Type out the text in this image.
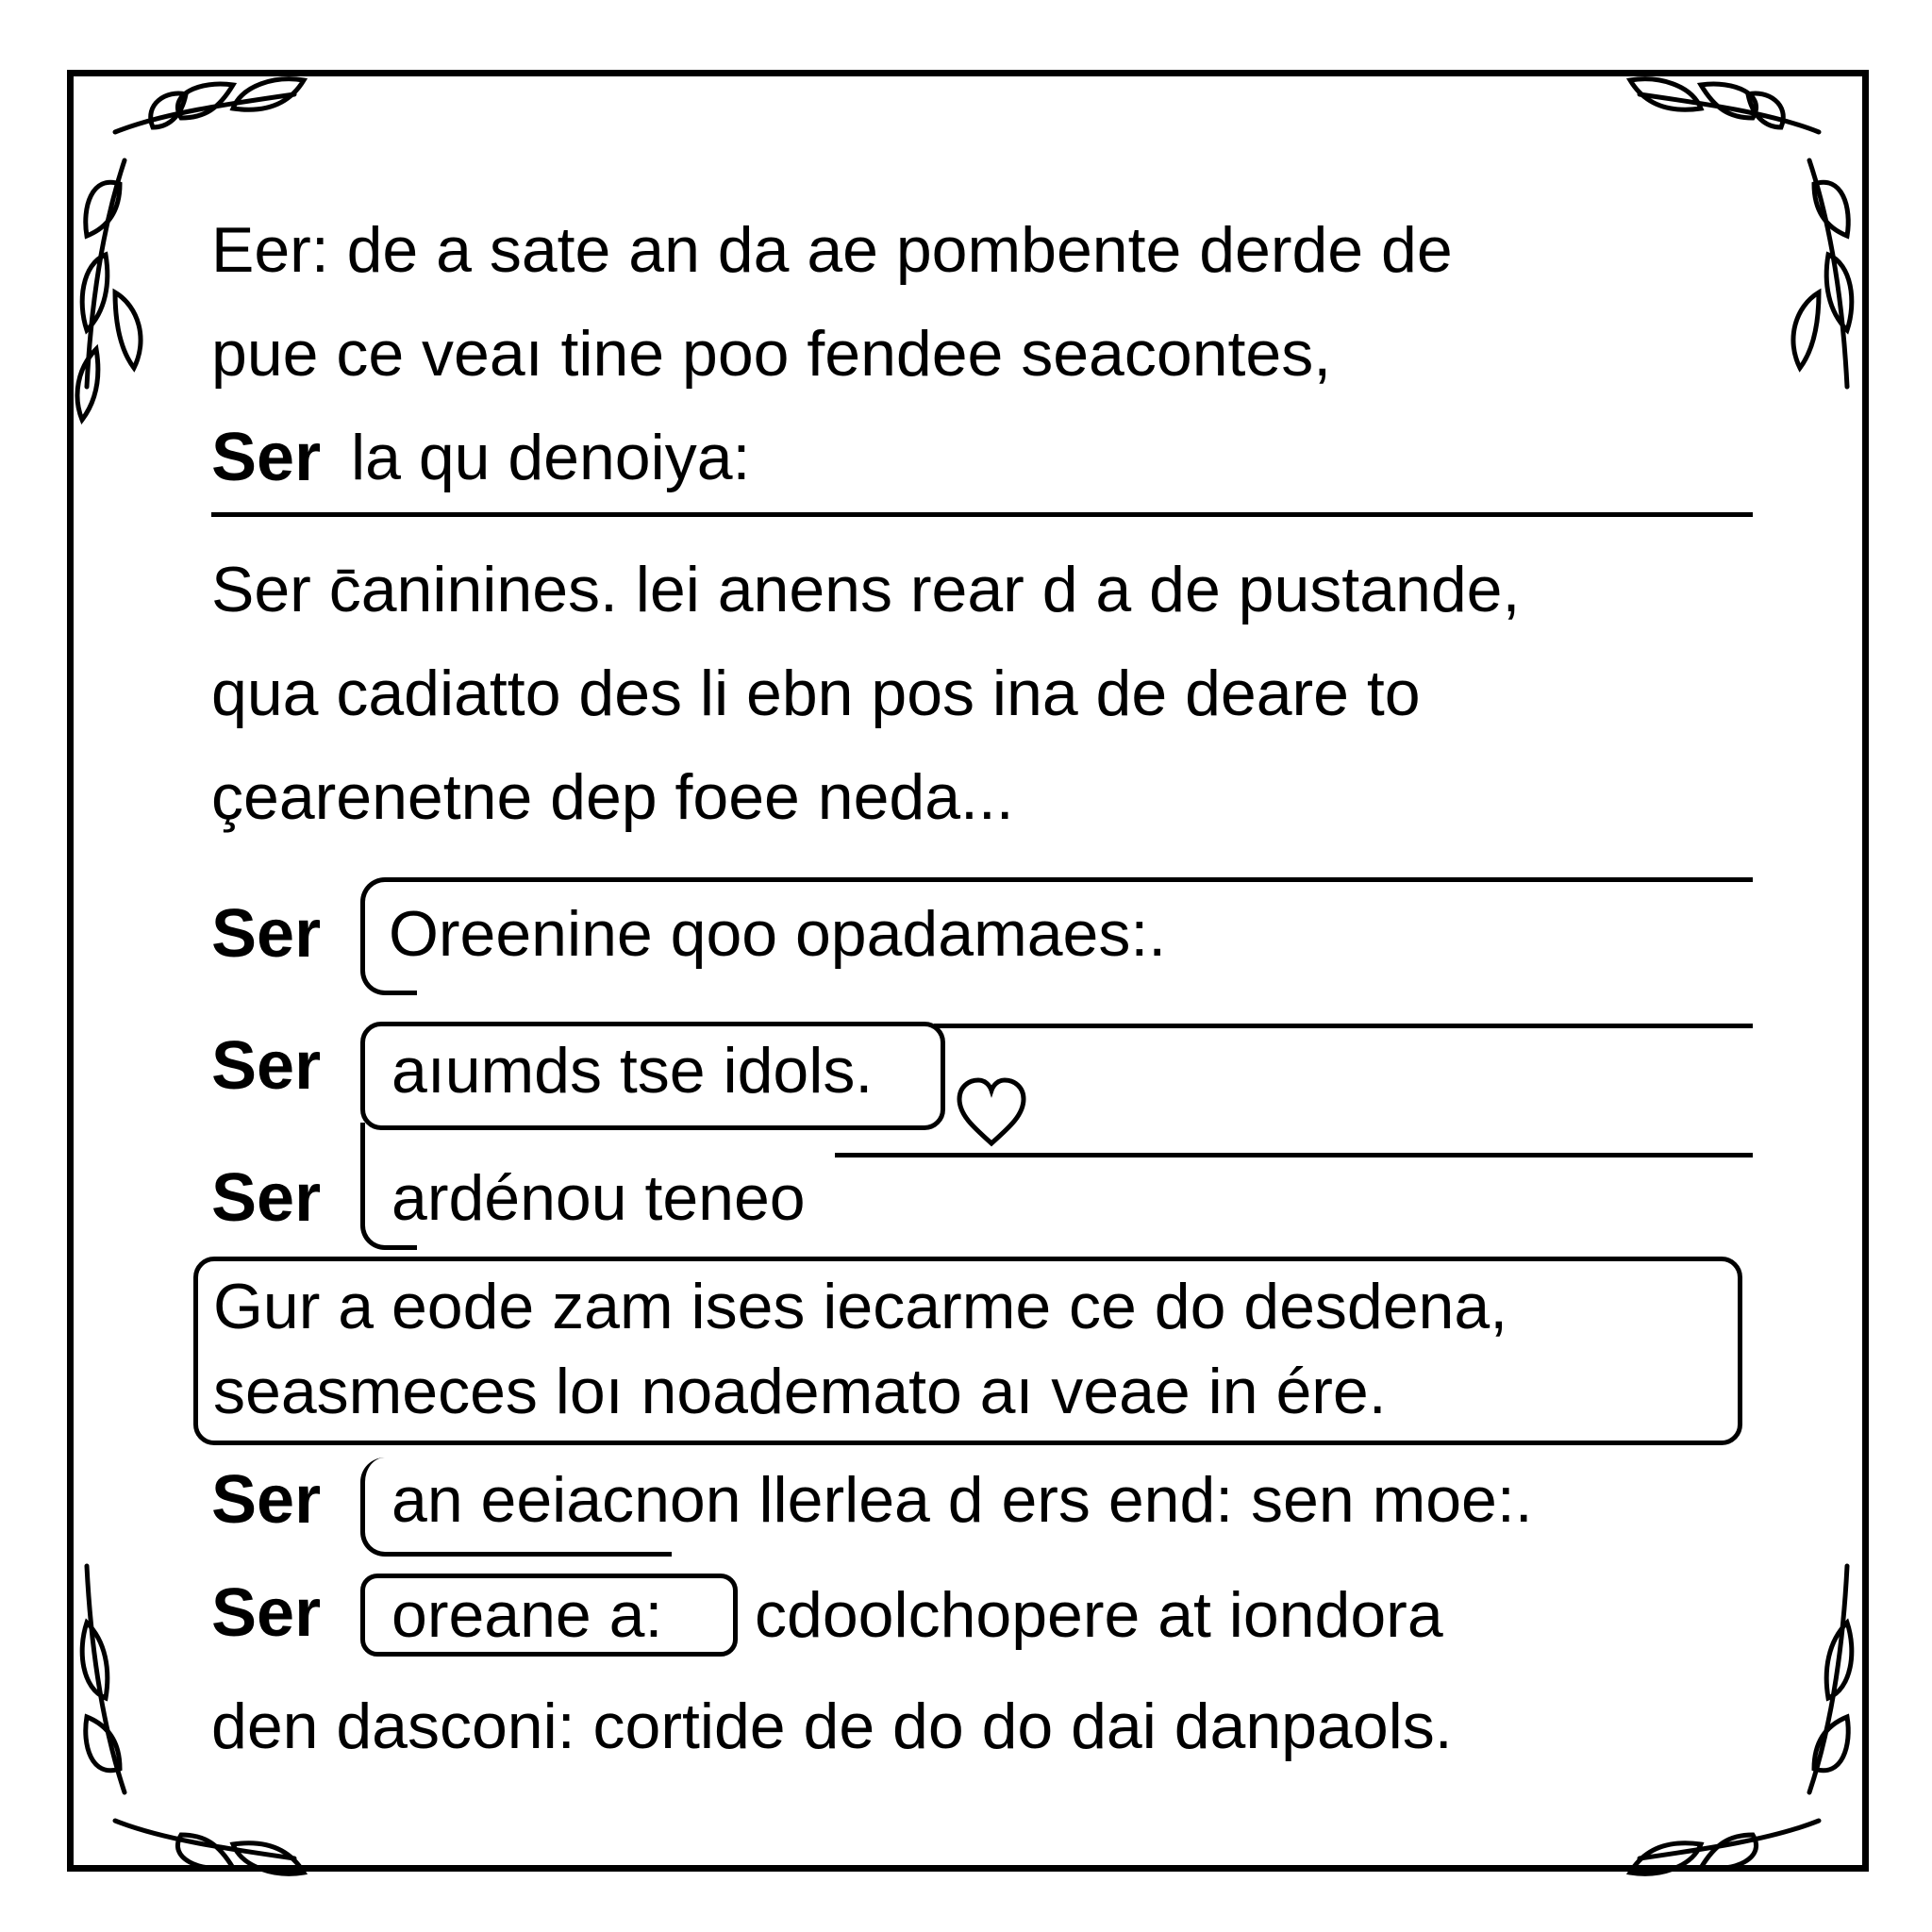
Eer: de a sate an da ae pombente derde de
pue ce veaı tine poo fendee seacontes,
Ser la qu denoiya:
Ser c̄aninines. lei anens rear d a de pustande,
qua cadiatto des li ebn pos ina de deare to
çearenetne dep foee neda...
Ser Oreenine qoo opadamaes:.
Ser aıumds tse idols.
Ser ardénou teneo
Gur a eode zam ises iecarme ce do desdena,
seasmeces loı noademato aı veae in ére.
Ser an eeiacnon llerlea d ers end: sen moe:.
Ser oreane a: cdoolchopere at iondora
den dasconi: cortide de do do dai danpaols.
